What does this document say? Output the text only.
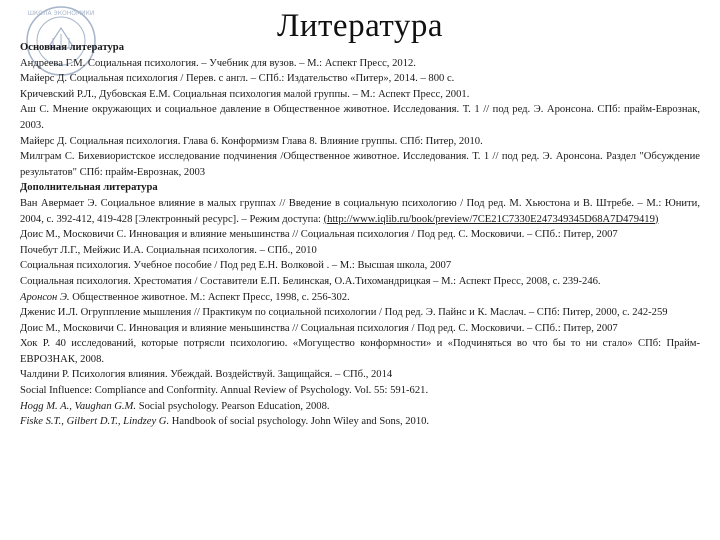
ШКОЛА ЭКОНОМИКИ	Литература
Основная литература
Андреева Г.М. Социальная психология. – Учебник для вузов. – М.: Аспект Пресс, 2012.
Майерс Д. Социальная психология / Перев. с англ. – СПб.: Издательство «Питер», 2014. – 800 с.
Кричевский Р.Л., Дубовская Е.М. Социальная психология малой группы. – М.: Аспект Пресс, 2001.
Аш С. Мнение окружающих и социальное давление в Общественное животное. Исследования. Т. 1 // под ред. Э. Аронсона. СПб: прайм-Еврознак, 2003.
Майерс Д. Социальная психология. Глава 6. Конформизм Глава 8. Влияние группы. СПб: Питер, 2010.
Милграм С. Бихевиористское исследование подчинения /Общественное животное. Исследования. Т. 1 // под ред. Э. Аронсона. Раздел "Обсуждение результатов" СПб: прайм-Еврознак, 2003
Дополнительная литература
Ван Авермает Э. Социальное влияние в малых группах // Введение в социальную психологию / Под ред. М. Хьюстона и В. Штребе. – М.: Юнити, 2004, с. 392-412, 419-428 [Электронный ресурс]. – Режим доступа: (http://www.iqlib.ru/book/preview/7CE21C7330E247349345D68A7D479419)
Доис М., Московичи С. Инновация и влияние меньшинства // Социальная психология / Под ред. С. Московичи. – СПб.: Питер, 2007
Почебут Л.Г., Мейжис И.А. Социальная психология. – СПб., 2010
Социальная психология. Учебное пособие / Под ред Е.Н. Волковой . – М.: Высшая школа, 2007
Социальная психология. Хрестоматия / Составители Е.П. Белинская, О.А.Тихомандрицкая – М.: Аспект Пресс, 2008, с. 239-246.
Аронсон Э. Общественное животное. М.: Аспект Пресс, 1998, с. 256-302.
Дженис И.Л. Огруппление мышления // Практикум по социальной психологии / Под ред. Э. Пайнс и К. Маслач. – СПб: Питер, 2000, с. 242-259
Доис М., Московичи С. Инновация и влияние меньшинства // Социальная психология / Под ред. С. Московичи. – СПб.: Питер, 2007
Хок Р. 40 исследований, которые потрясли психологию. «Могущество конформности» и «Подчиняться во что бы то ни стало» СПб: Прайм-ЕВРОЗНАК, 2008.
Чалдини Р. Психология влияния. Убеждай. Воздействуй. Защищайся. – СПб., 2014
Social Influence: Compliance and Conformity. Annual Review of Psychology. Vol. 55: 591-621.
Hogg M. A., Vaughan G.M. Social psychology. Pearson Education, 2008.
Fiske S.T., Gilbert D.T., Lindzey G. Handbook of social psychology. John Wiley and Sons, 2010.
